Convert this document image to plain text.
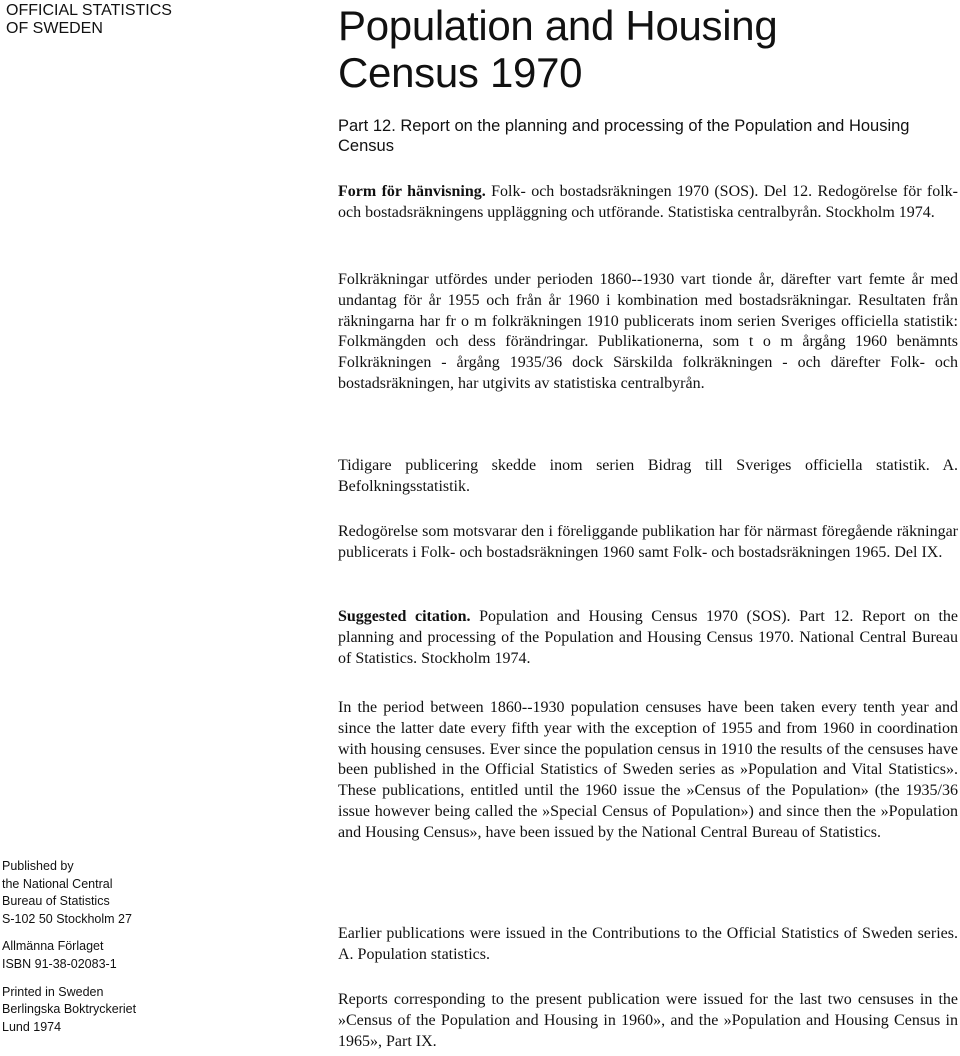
OFFICIAL STATISTICS
OF SWEDEN	Population and Housing
Census 1970
Part 12. Report on the planning and processing of the Population and Housing Census

Form för hänvisning. Folk- och bostadsräkningen 1970 (SOS). Del 12. Redogörelse för folk- och bostadsräkningens uppläggning och utförande. Statistiska centralbyrån. Stockholm 1974.

Folkräkningar utfördes under perioden 1860--1930 vart tionde år, därefter vart femte år med undantag för år 1955 och från år 1960 i kombination med bostadsräkningar. Resultaten från räkningarna har fr o m folkräkningen 1910 publicerats inom serien Sveriges officiella statistik: Folkmängden och dess förändringar. Publikationerna, som t o m årgång 1960 benämnts Folkräkningen - årgång 1935/36 dock Särskilda folkräkningen - och därefter Folk- och bostadsräkningen, har utgivits av statistiska centralbyrån.

Tidigare publicering skedde inom serien Bidrag till Sveriges officiella statistik. A. Befolkningsstatistik.

Redogörelse som motsvarar den i föreliggande publikation har för närmast föregående räkningar publicerats i Folk- och bostadsräkningen 1960 samt Folk- och bostadsräkningen 1965. Del IX.

Suggested citation. Population and Housing Census 1970 (SOS). Part 12. Report on the planning and processing of the Population and Housing Census 1970. National Central Bureau of Statistics. Stockholm 1974.

In the period between 1860--1930 population censuses have been taken every tenth year and since the latter date every fifth year with the exception of 1955 and from 1960 in coordination with housing censuses. Ever since the population census in 1910 the results of the censuses have been published in the Official Statistics of Sweden series as »Population and Vital Statistics». These publications, entitled until the 1960 issue the »Census of the Population» (the 1935/36 issue however being called the »Special Census of Population») and since then the »Population and Housing Census», have been issued by the National Central Bureau of Statistics.

Earlier publications were issued in the Contributions to the Official Statistics of Sweden series. A. Population statistics.

Reports corresponding to the present publication were issued for the last two censuses in the »Census of the Population and Housing in 1960», and the »Population and Housing Census in 1965», Part IX.

Published by
the National Central
Bureau of Statistics
S-102 50 Stockholm 27
Allmänna Förlaget
ISBN 91-38-02083-1
Printed in Sweden
Berlingska Boktryckeriet
Lund 1974
